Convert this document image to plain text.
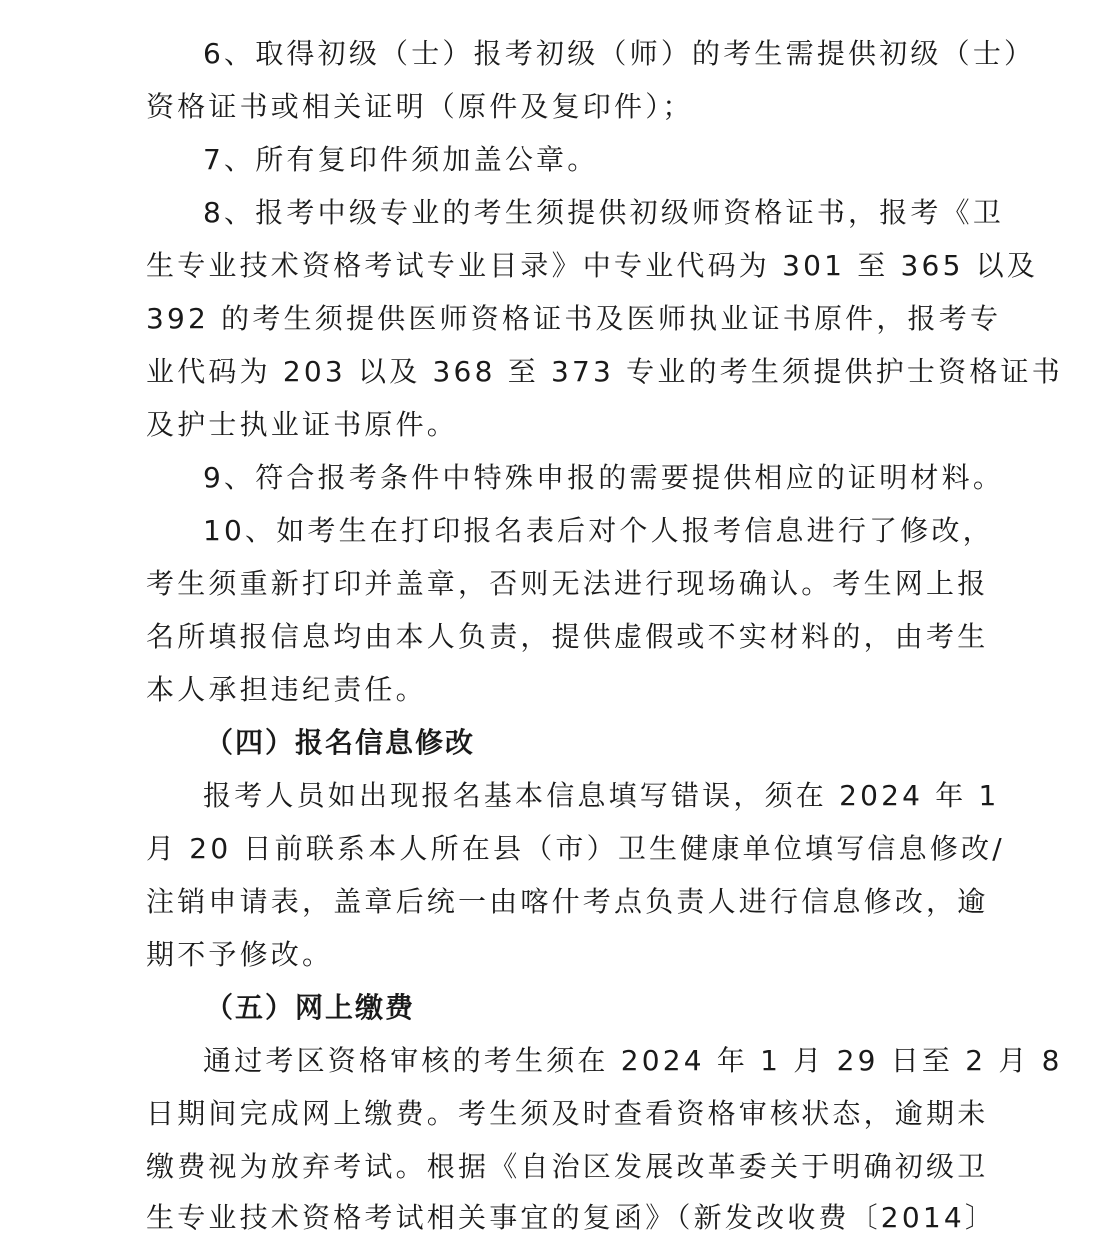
6、取得初级（士）报考初级（师）的考生需提供初级（士）
资格证书或相关证明（原件及复印件）；
7、所有复印件须加盖公章。
8、报考中级专业的考生须提供初级师资格证书，报考《卫
生专业技术资格考试专业目录》中专业代码为 301 至 365 以及
392 的考生须提供医师资格证书及医师执业证书原件，报考专
业代码为 203 以及 368 至 373 专业的考生须提供护士资格证书
及护士执业证书原件。
9、符合报考条件中特殊申报的需要提供相应的证明材料。
10、如考生在打印报名表后对个人报考信息进行了修改，
考生须重新打印并盖章，否则无法进行现场确认。考生网上报
名所填报信息均由本人负责，提供虚假或不实材料的，由考生
本人承担违纪责任。
（四）报名信息修改
报考人员如出现报名基本信息填写错误，须在 2024 年 1
月 20 日前联系本人所在县（市）卫生健康单位填写信息修改/
注销申请表，盖章后统一由喀什考点负责人进行信息修改，逾
期不予修改。
（五）网上缴费
通过考区资格审核的考生须在 2024 年 1 月 29 日至 2 月 8
日期间完成网上缴费。考生须及时查看资格审核状态，逾期未
缴费视为放弃考试。根据《自治区发展改革委关于明确初级卫
生专业技术资格考试相关事宜的复函》（新发改收费〔2014〕
